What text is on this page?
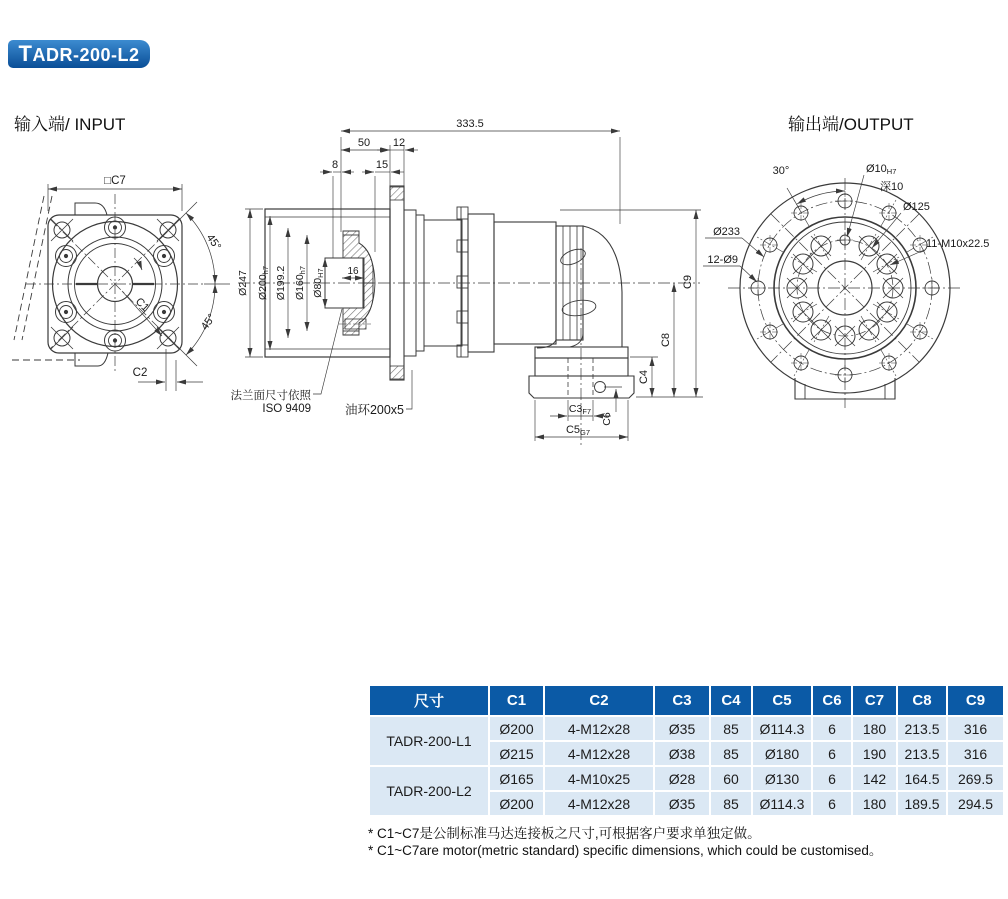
TADR-200-L2
输入端/ INPUT	输出端/OUTPUT
□C7
45°
45°
C1
C2
333.5
50 12
8	15
Ø247 Ø200h7 Ø199.2 Ø160h7
Ø80H7 16
法兰面尺寸依照
ISO 9409	油环200x5
C4
C8
C9
C3F7
C6
C5G7
30°	Ø10H7
深10
Ø125
11-M10x22.5
Ø233
12-Ø9
尺寸	C1	C2	C3	C4	C5	C6	C7	C8	C9
TADR-200-L1	Ø200	4-M12x28	Ø35	85	Ø114.3	6	180	213.5	316
	Ø215	4-M12x28	Ø38	85	Ø180	6	190	213.5	316
TADR-200-L2	Ø165	4-M10x25	Ø28	60	Ø130	6	142	164.5	269.5
	Ø200	4-M12x28	Ø35	85	Ø114.3	6	180	189.5	294.5
* C1~C7是公制标准马达连接板之尺寸,可根据客户要求单独定做。
* C1~C7are motor(metric standard) specific dimensions, which could be customised。
